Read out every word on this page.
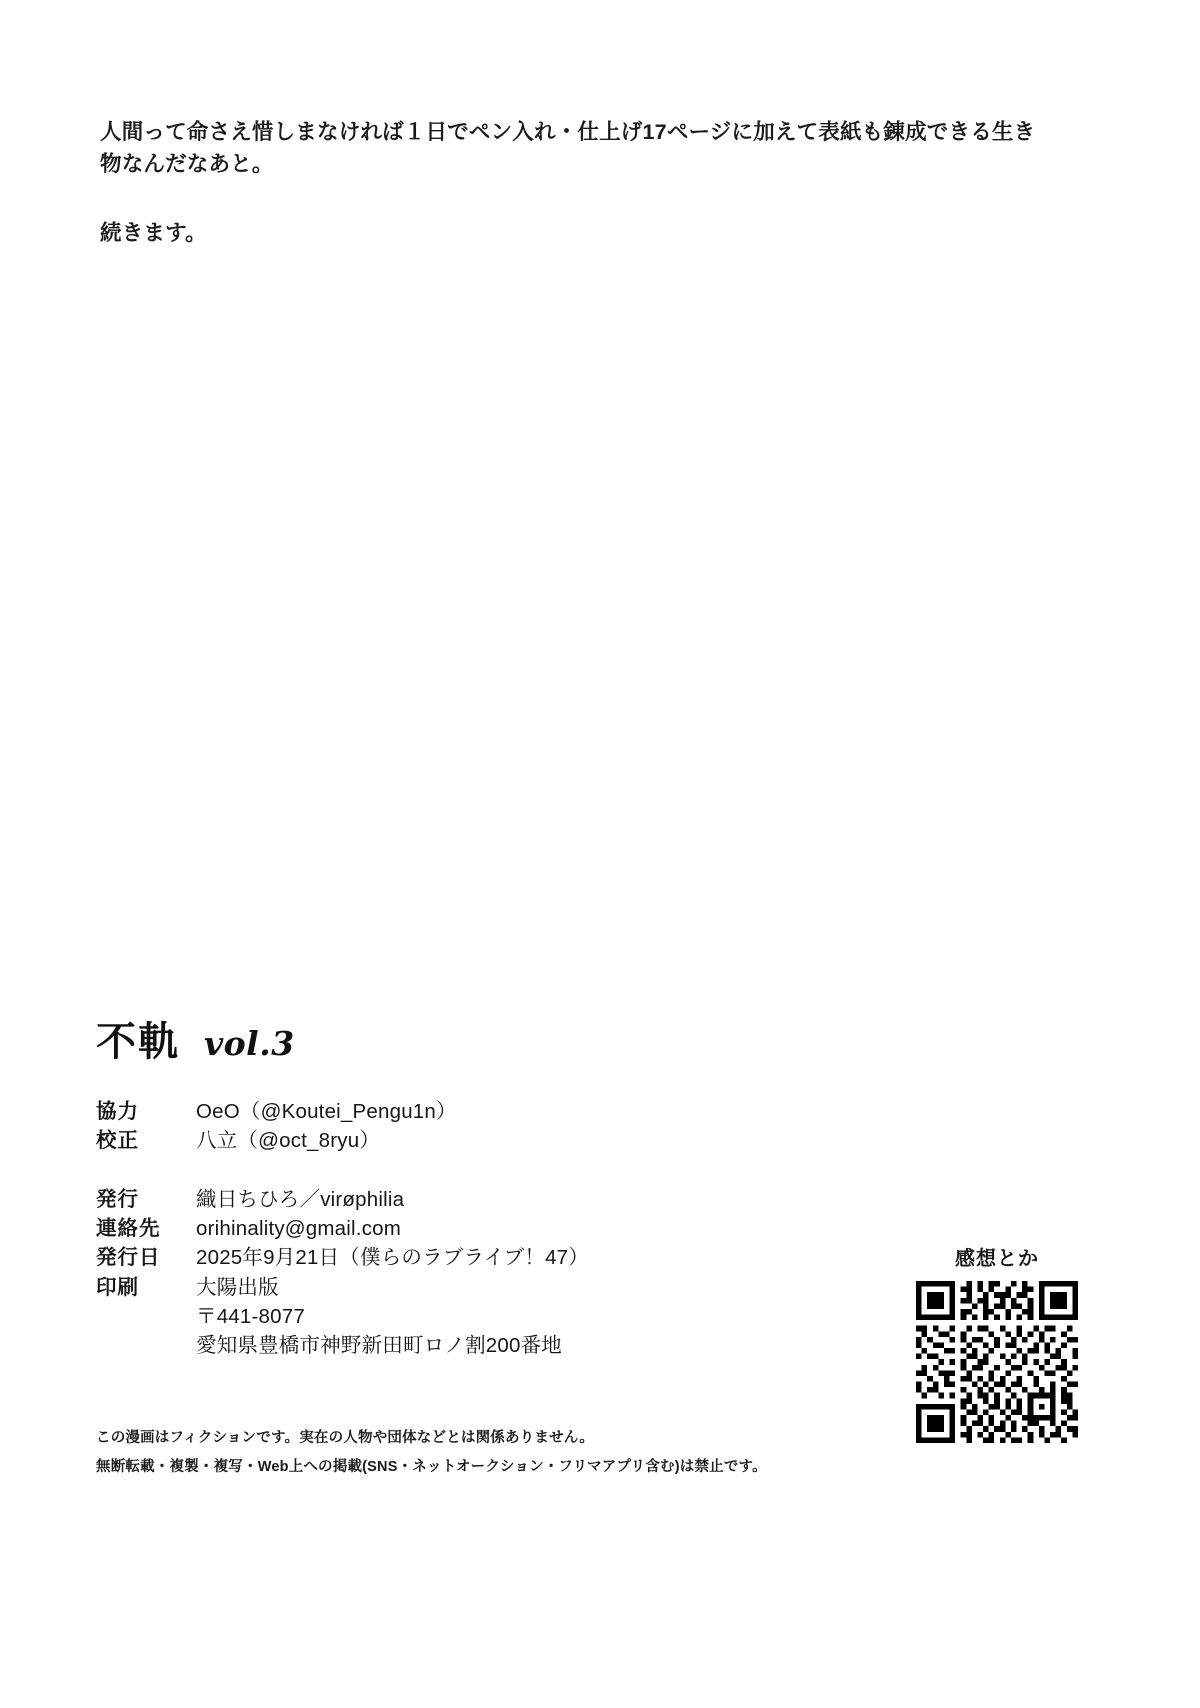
人間って命さえ惜しまなければ１日でペン入れ・仕上げ17ページに加えて表紙も錬成できる生き物なんだなあと。

続きます。

不軌 vol.3
協力	OeO（@Koutei_Pengu1n）
校正	八立（@oct_8ryu）
発行	織日ちひろ／virøphilia
連絡先	orihinality@gmail.com
発行日	2025年9月21日（僕らのラブライブ！47）
印刷	大陽出版
〒441-8077
愛知県豊橋市神野新田町ロノ割200番地
感想とか

この漫画はフィクションです。実在の人物や団体などとは関係ありません。

無断転載・複製・複写・Web上への掲載(SNS・ネットオークション・フリマアプリ含む)は禁止です。
